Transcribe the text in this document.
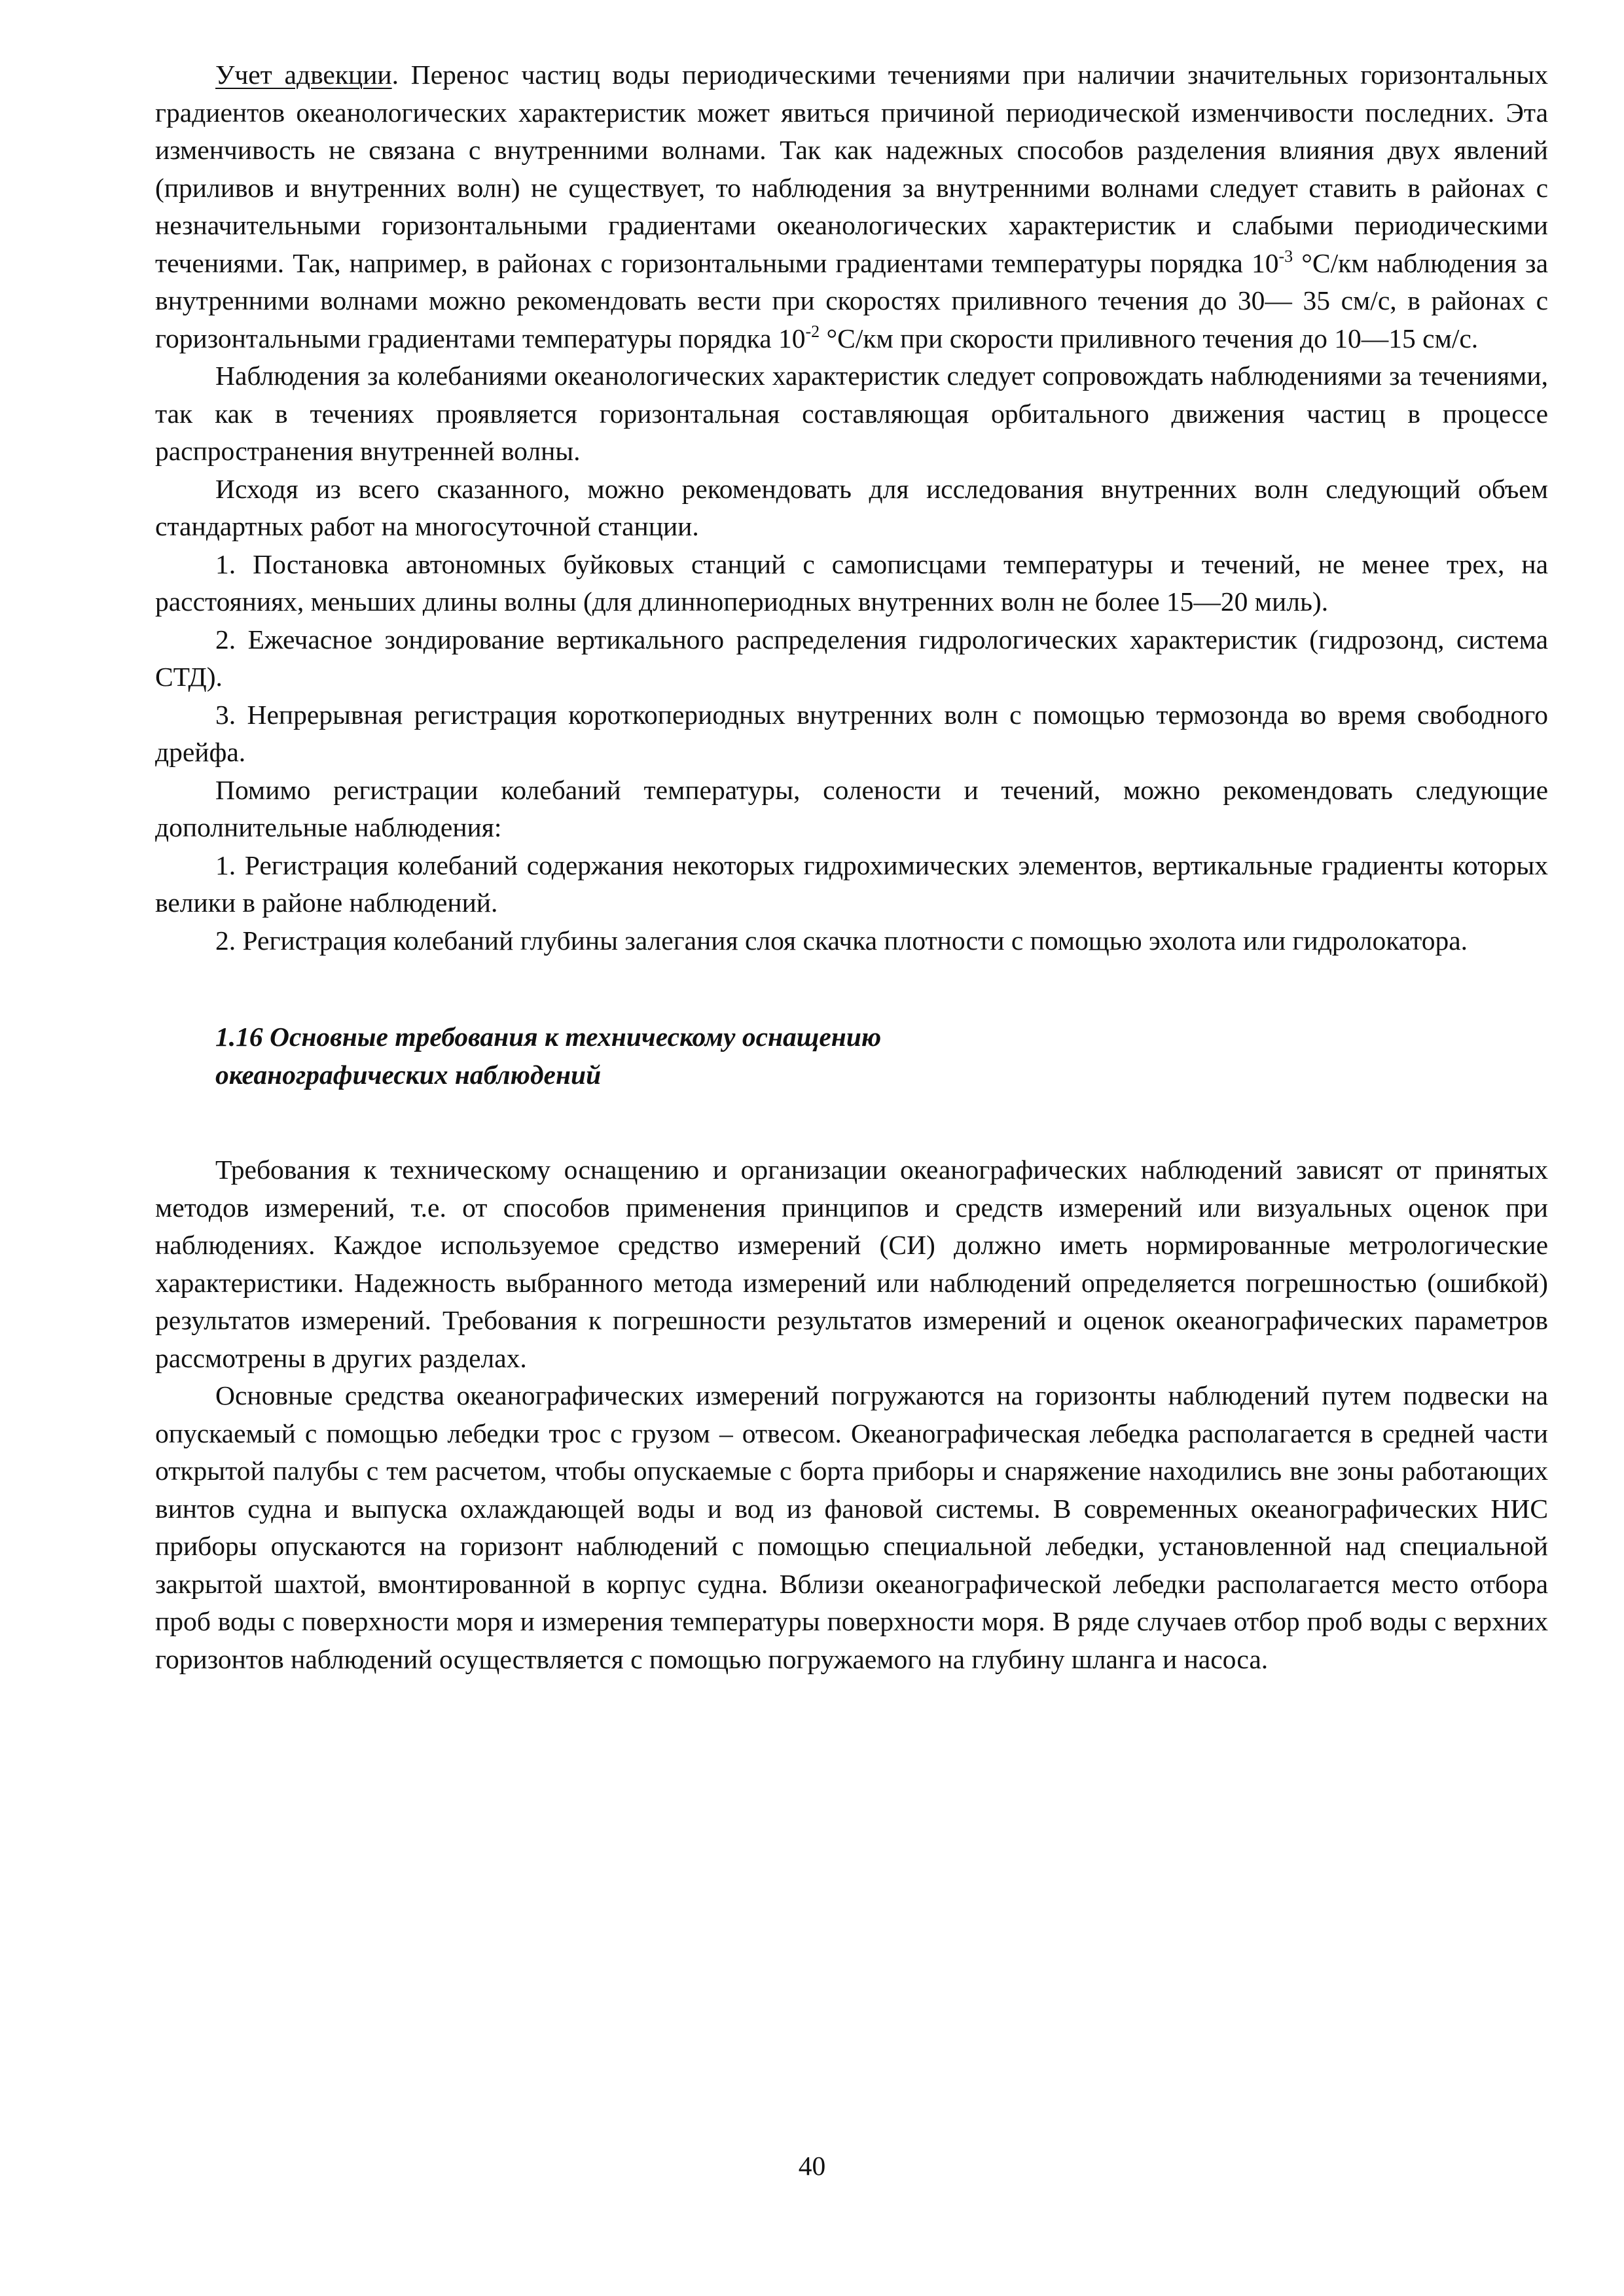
Учет адвекции. Перенос частиц воды периодическими течениями при наличии значительных горизонтальных градиентов океанологических характеристик может явиться причиной периодической изменчивости последних. Эта изменчивость не связана с внутренними волнами. Так как надежных способов разделения влияния двух явлений (приливов и внутренних волн) не существует, то наблюдения за внутренними волнами следует ставить в районах с незначительными горизонтальными градиентами океанологических характеристик и слабыми периодическими течениями. Так, например, в районах с горизонтальными градиентами температуры порядка $10^{-3}$ °С/км наблюдения за внутренними волнами можно рекомендовать вести при скоростях приливного течения до 30— 35 см/с, в районах с горизонтальными градиентами температуры порядка $10^{-2}$ °С/км при скорости приливного течения до 10—15 см/с.

Наблюдения за колебаниями океанологических характеристик следует сопровождать наблюдениями за течениями, так как в течениях проявляется горизонтальная составляющая орбитального движения частиц в процессе распространения внутренней волны.

Исходя из всего сказанного, можно рекомендовать для исследования внутренних волн следующий объем стандартных работ на многосуточной станции.

1. Постановка автономных буйковых станций с самописцами температуры и течений, не менее трех, на расстояниях, меньших длины волны (для длиннопериодных внутренних волн не более 15—20 миль).

2. Ежечасное зондирование вертикального распределения гидрологических характеристик (гидрозонд, система СТД).

3. Непрерывная регистрация короткопериодных внутренних волн с помощью термозонда во время свободного дрейфа.

Помимо регистрации колебаний температуры, солености и течений, можно рекомендовать следующие дополнительные наблюдения:

1. Регистрация колебаний содержания некоторых гидрохимических элементов, вертикальные градиенты которых велики в районе наблюдений.

2. Регистрация колебаний глубины залегания слоя скачка плотности с помощью эхолота или гидролокатора.

1.16 Основные требования к техническому оснащению
океанографических наблюдений

Требования к техническому оснащению и организации океанографических наблюдений зависят от принятых методов измерений, т.е. от способов применения принципов и средств измерений или визуальных оценок при наблюдениях. Каждое используемое средство измерений (СИ) должно иметь нормированные метрологические характеристики. Надежность выбранного метода измерений или наблюдений определяется погрешностью (ошибкой) результатов измерений. Требования к погрешности результатов измерений и оценок океанографических параметров рассмотрены в других разделах.

Основные средства океанографических измерений погружаются на горизонты наблюдений путем подвески на опускаемый с помощью лебедки трос с грузом – отвесом. Океанографическая лебедка располагается в средней части открытой палубы с тем расчетом, чтобы опускаемые с борта приборы и снаряжение находились вне зоны работающих винтов судна и выпуска охлаждающей воды и вод из фановой системы. В современных океанографических НИС приборы опускаются на горизонт наблюдений с помощью специальной лебедки, установленной над специальной закрытой шахтой, вмонтированной в корпус судна. Вблизи океанографической лебедки располагается место отбора проб воды с поверхности моря и измерения температуры поверхности моря. В ряде случаев отбор проб воды с верхних горизонтов наблюдений осуществляется с помощью погружаемого на глубину шланга и насоса.

40
